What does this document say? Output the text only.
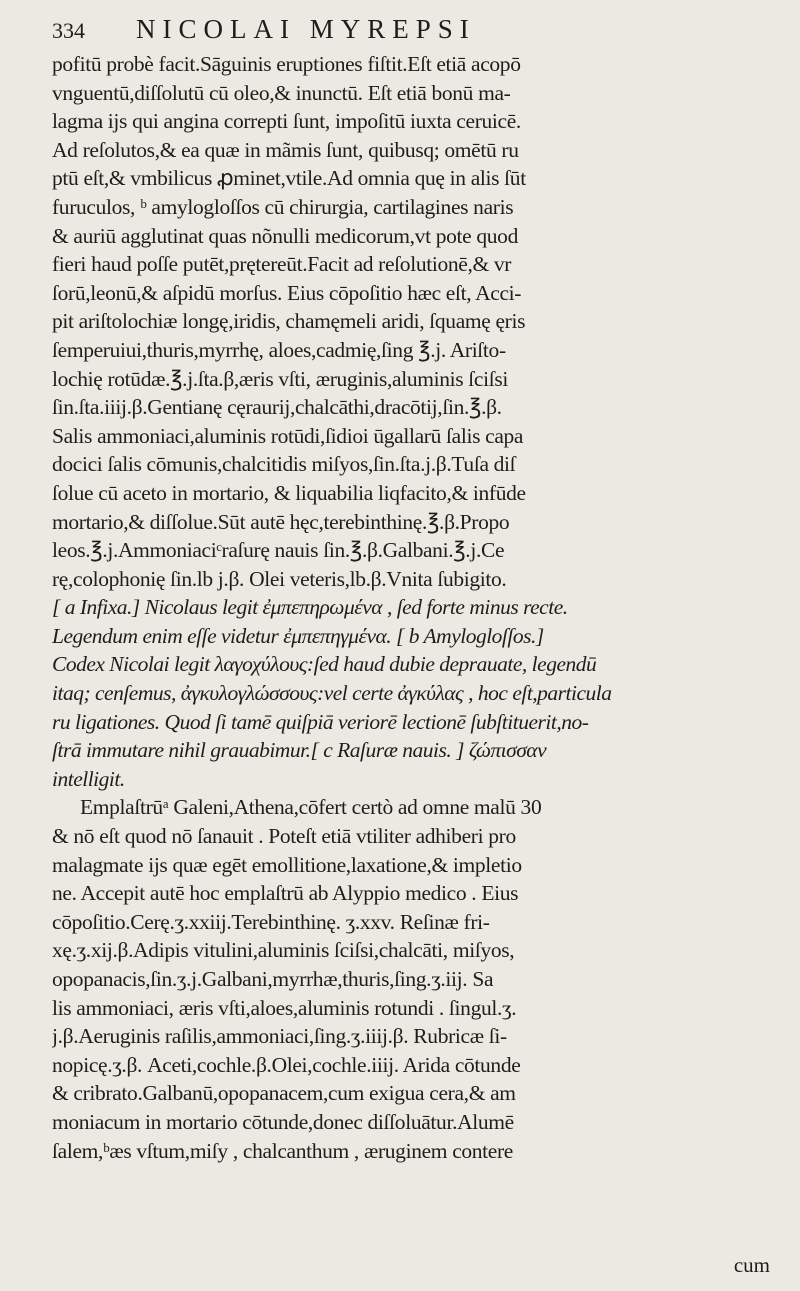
334	NICOLAI MYREPSI
pofitū probè facit.Sāguinis eruptiones fiſtit.Eſt etiā acopō
vnguentū,diſſolutū cū oleo,& inunctū. Eſt etiā bonū ma-
lagma ijs qui angina correpti ſunt, impoſitū iuxta ceruicē.
Ad reſolutos,& ea quæ in mãmis ſunt, quibusq; omētū ru
ptū eſt,& vmbilicus ꝓminet,vtile.Ad omnia quę in alis ſūt
furuculos, ᵇ amylogloſſos cū chirurgia, cartilagines naris
& auriū agglutinat quas nõnulli medicorum,vt pote quod
fieri haud poſſe putēt,prętereūt.Facit ad reſolutionē,& vr
ſorū,leonū,& aſpidū morſus. Eius cōpoſitio hæc eſt, Acci-
pit ariſtolochiæ longę,iridis, chamęmeli aridi, ſquamę ęris
ſemperuiui,thuris,myrrhę, aloes,cadmię,ſing ℥.j. Ariſto-
lochię rotūdæ.℥.j.ſta.β,æris vſti, æruginis,aluminis ſciſsi
ſin.ſta.iiij.β.Gentianę cęraurij,chalcāthi,dracōtij,ſin.℥.β.
Salis ammoniaci,aluminis rotūdi,ſidioi ūgallarū ſalis capa
docici ſalis cōmunis,chalcitidis miſyos,ſin.ſta.j.β.Tuſa diſ
ſolue cū aceto in mortario, & liquabilia liqfacito,& infūde
mortario,& diſſolue.Sūt autē hęc,terebinthinę.℥.β.Propo
leos.℥.j.Ammoniaciᶜraſurę nauis ſin.℥.β.Galbani.℥.j.Ce
rę,colophonię ſin.lb j.β. Olei veteris,lb.β.Vnita ſubigito.
[ a Infixa.] Nicolaus legit ἐμπεπηρωμένα , ſed forte minus recte.
Legendum enim eſſe videtur ἐμπεπηγμένα. [ b Amylogloſſos.]
Codex Nicolai legit λαγοχύλους:ſed haud dubie deprauate, legendū
itaq; cenſemus, ἀγκυλογλώσσους:vel certe ἀγκύλας , hoc eſt,particula
ru ligationes. Quod ſi tamē quiſpiā veriorē lectionē ſubſtituerit,no-
ſtrā immutare nihil grauabimur.[ c Raſuræ nauis. ] ζώπισσαν
intelligit.
Emplaſtrūᵃ Galeni,Athena,cōfert certò ad omne malū 30
& nō eſt quod nō ſanauit . Poteſt etiā vtiliter adhiberi pro
malagmate ijs quæ egēt emollitione,laxatione,& impletio
ne. Accepit autē hoc emplaſtrū ab Alyppio medico . Eius
cōpoſitio.Cerę.ʒ.xxiij.Terebinthinę. ʒ.xxv. Reſinæ fri-
xę.ʒ.xij.β.Adipis vitulini,aluminis ſciſsi,chalcāti, miſyos,
opopanacis,ſin.ʒ.j.Galbani,myrrhæ,thuris,ſing.ʒ.iij. Sa
lis ammoniaci, æris vſti,aloes,aluminis rotundi . ſingul.ʒ.
j.β.Aeruginis raſilis,ammoniaci,ſing.ʒ.iiij.β. Rubricæ ſi-
nopicę.ʒ.β. Aceti,cochle.β.Olei,cochle.iiij. Arida cōtunde
& cribrato.Galbanū,opopanacem,cum exigua cera,& am
moniacum in mortario cōtunde,donec diſſoluātur.Alumē
ſalem,ᵇæs vſtum,miſy , chalcanthum , æruginem contere
cum
